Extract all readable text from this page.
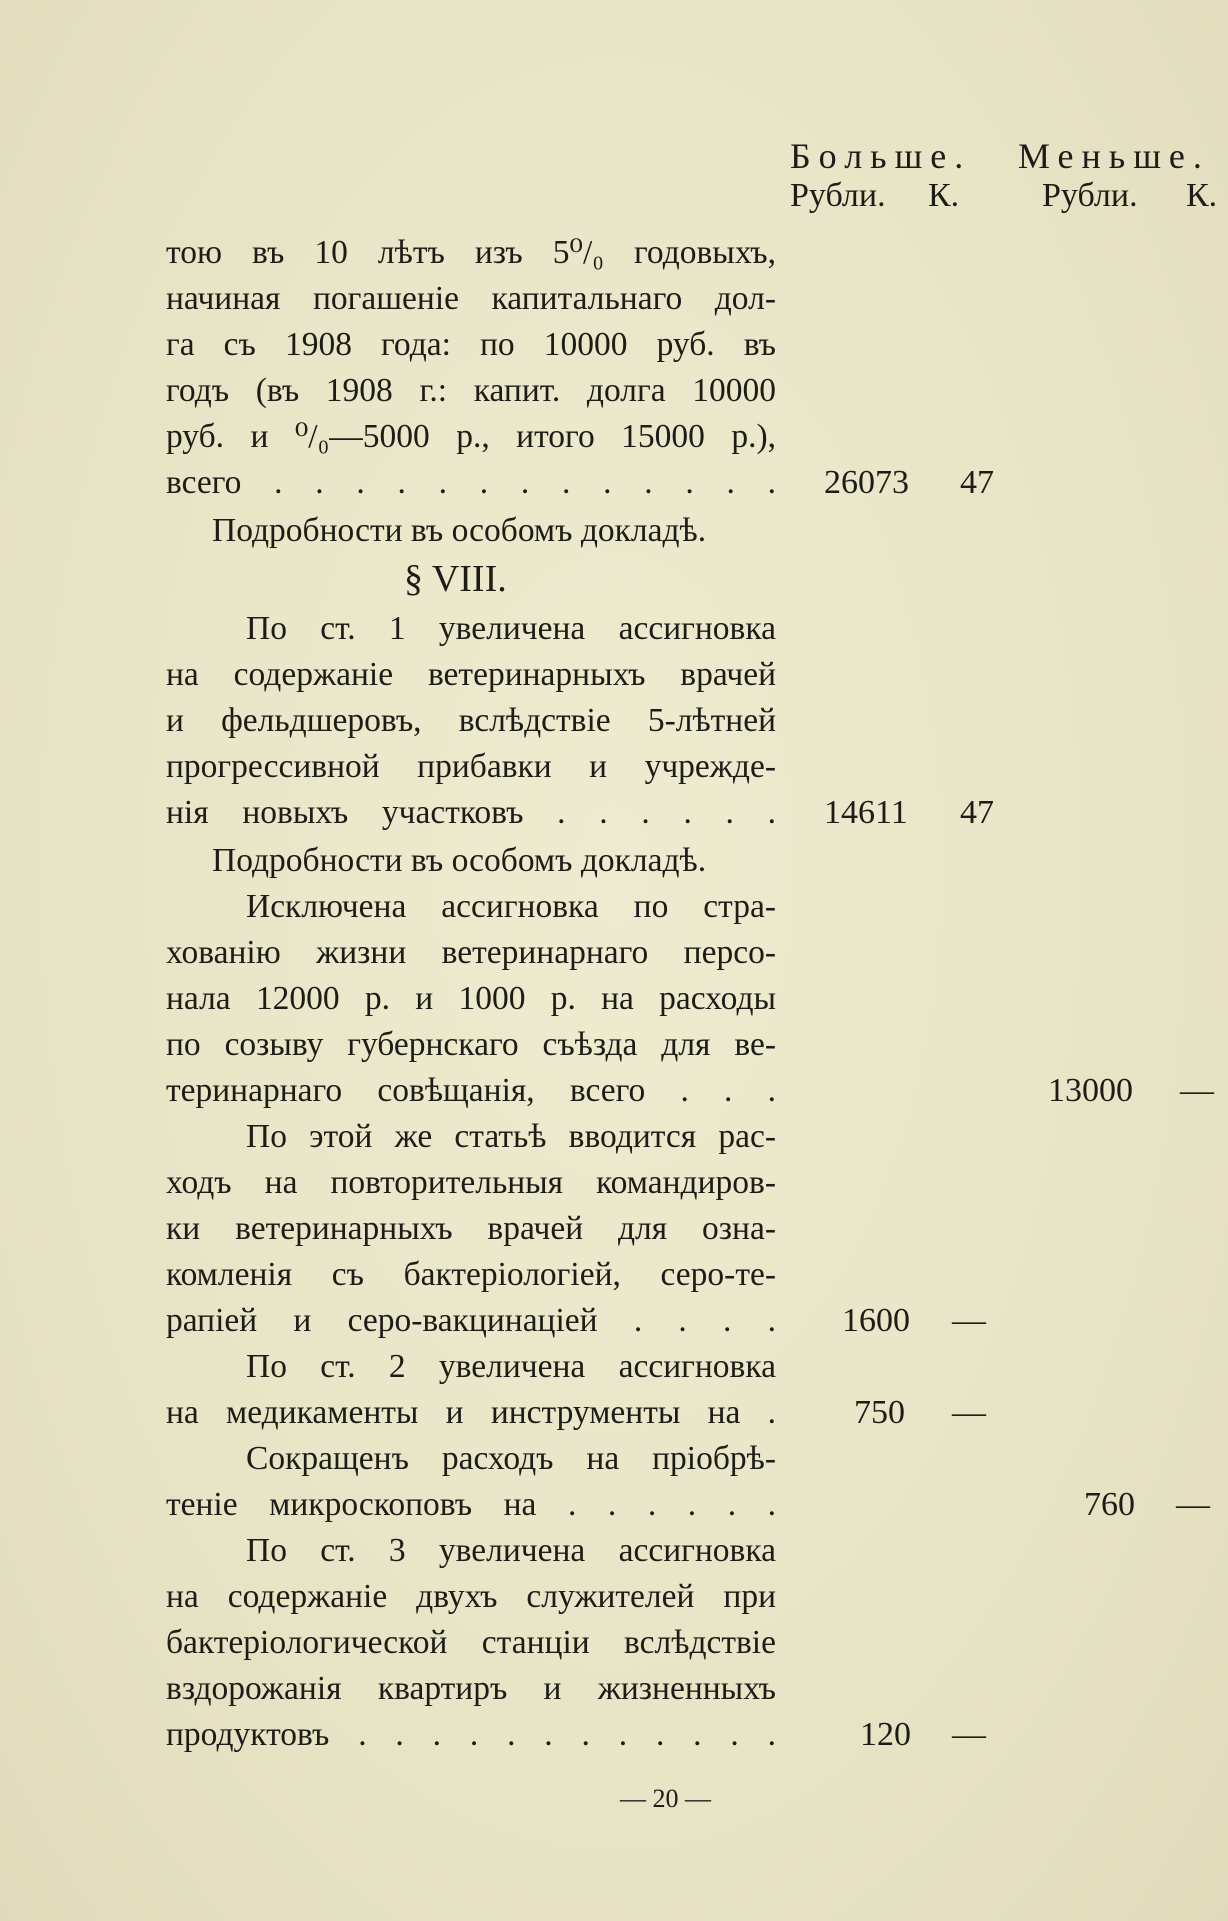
Больше. Меньше.
Рубли. К. Рубли. К.
тою въ 10 лѣтъ изъ 5⁰/₀ годовыхъ,
начиная погашеніе капитальнаго дол-
га съ 1908 года: по 10000 руб. въ
годъ (въ 1908 г.: капит. долга 10000
руб. и ⁰/₀—5000 р., итого 15000 р.),
всего . . . . . . . . . . . . .
Подробности въ особомъ докладѣ.
§ VIII.
По ст. 1 увеличена ассигновка
на содержаніе ветеринарныхъ врачей
и фельдшеровъ, вслѣдствіе 5-лѣтней
прогрессивной прибавки и учрежде-
нія новыхъ участковъ . . . . . .
Подробности въ особомъ докладѣ.
Исключена ассигновка по стра-
хованію жизни ветеринарнаго персо-
нала 12000 р. и 1000 р. на расходы
по созыву губернскаго съѣзда для ве-
теринарнаго совѣщанія, всего . . .
По этой же статьѣ вводится рас-
ходъ на повторительныя командиров-
ки ветеринарныхъ врачей для озна-
комленія съ бактеріологіей, серо-те-
рапіей и серо-вакцинаціей . . . .
По ст. 2 увеличена ассигновка
на медикаменты и инструменты на .
Сокращенъ расходъ на пріобрѣ-
теніе микроскоповъ на . . . . . .
По ст. 3 увеличена ассигновка
на содержаніе двухъ служителей при
бактеріологической станціи вслѣдствіе
вздорожанія квартиръ и жизненныхъ
продуктовъ . . . . . . . . . . . .
26073 47
14611 47
13000 —
1600 —
750 —
760 —
120 —
— 20 —
